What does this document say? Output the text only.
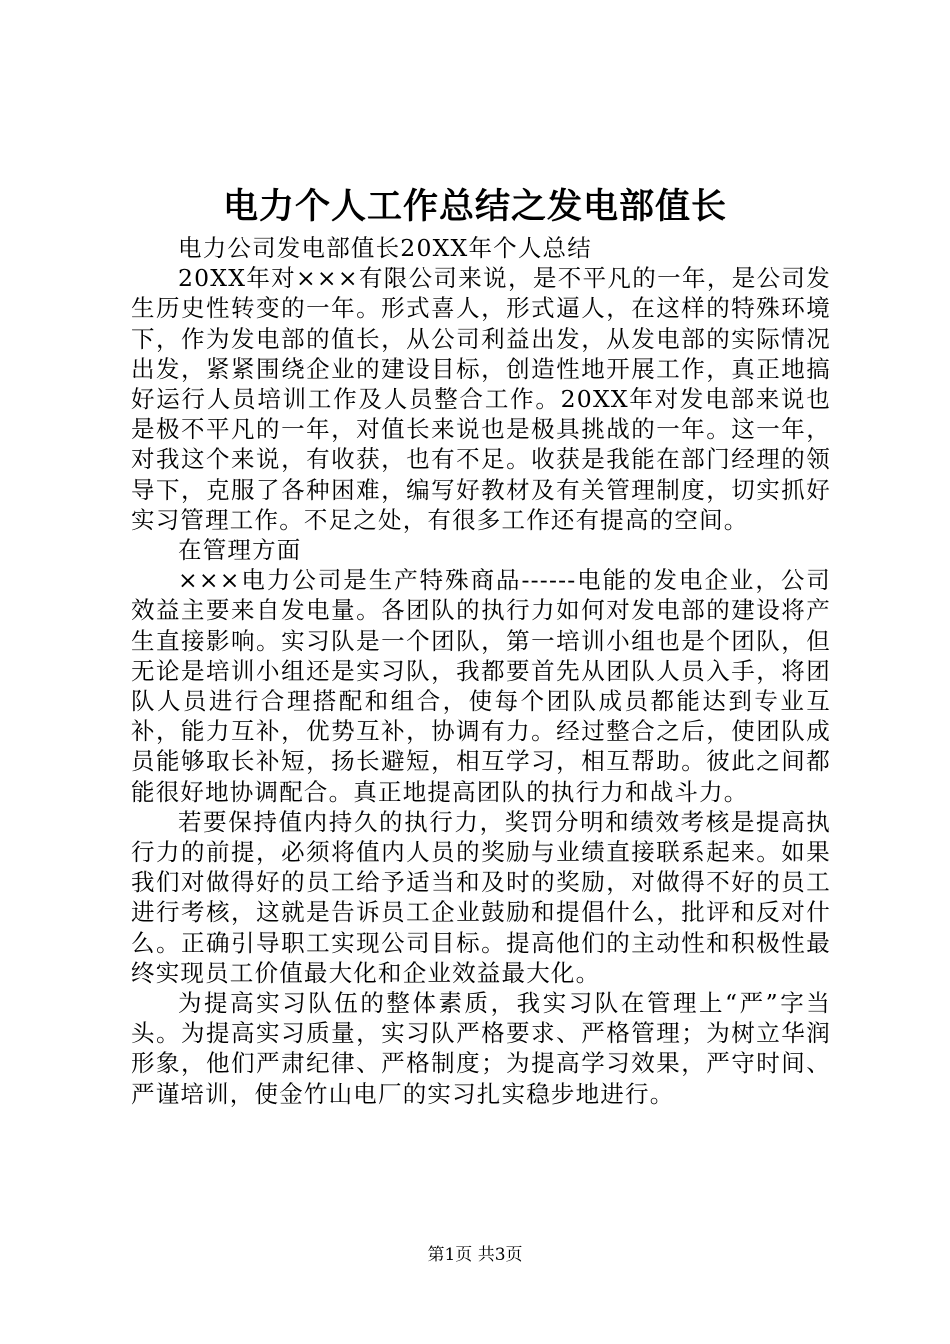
电力个人工作总结之发电部值长

电力公司发电部值长20XX年个人总结

20XX年对×××有限公司来说，是不平凡的一年，是公司发生历史性转变的一年。形式喜人，形式逼人，在这样的特殊环境下，作为发电部的值长，从公司利益出发，从发电部的实际情况出发，紧紧围绕企业的建设目标，创造性地开展工作，真正地搞好运行人员培训工作及人员整合工作。20XX年对发电部来说也是极不平凡的一年，对值长来说也是极具挑战的一年。这一年，对我这个来说，有收获，也有不足。收获是我能在部门经理的领导下，克服了各种困难，编写好教材及有关管理制度，切实抓好实习管理工作。不足之处，有很多工作还有提高的空间。

在管理方面

×××电力公司是生产特殊商品------电能的发电企业，公司效益主要来自发电量。各团队的执行力如何对发电部的建设将产生直接影响。实习队是一个团队，第一培训小组也是个团队，但无论是培训小组还是实习队，我都要首先从团队人员入手，将团队人员进行合理搭配和组合，使每个团队成员都能达到专业互补，能力互补，优势互补，协调有力。经过整合之后，使团队成员能够取长补短，扬长避短，相互学习，相互帮助。彼此之间都能很好地协调配合。真正地提高团队的执行力和战斗力。

若要保持值内持久的执行力，奖罚分明和绩效考核是提高执行力的前提，必须将值内人员的奖励与业绩直接联系起来。如果我们对做得好的员工给予适当和及时的奖励，对做得不好的员工进行考核，这就是告诉员工企业鼓励和提倡什么，批评和反对什么。正确引导职工实现公司目标。提高他们的主动性和积极性最终实现员工价值最大化和企业效益最大化。

为提高实习队伍的整体素质，我实习队在管理上“严”字当头。为提高实习质量，实习队严格要求、严格管理；为树立华润形象，他们严肃纪律、严格制度；为提高学习效果，严守时间、严谨培训，使金竹山电厂的实习扎实稳步地进行。

第1页 共3页
